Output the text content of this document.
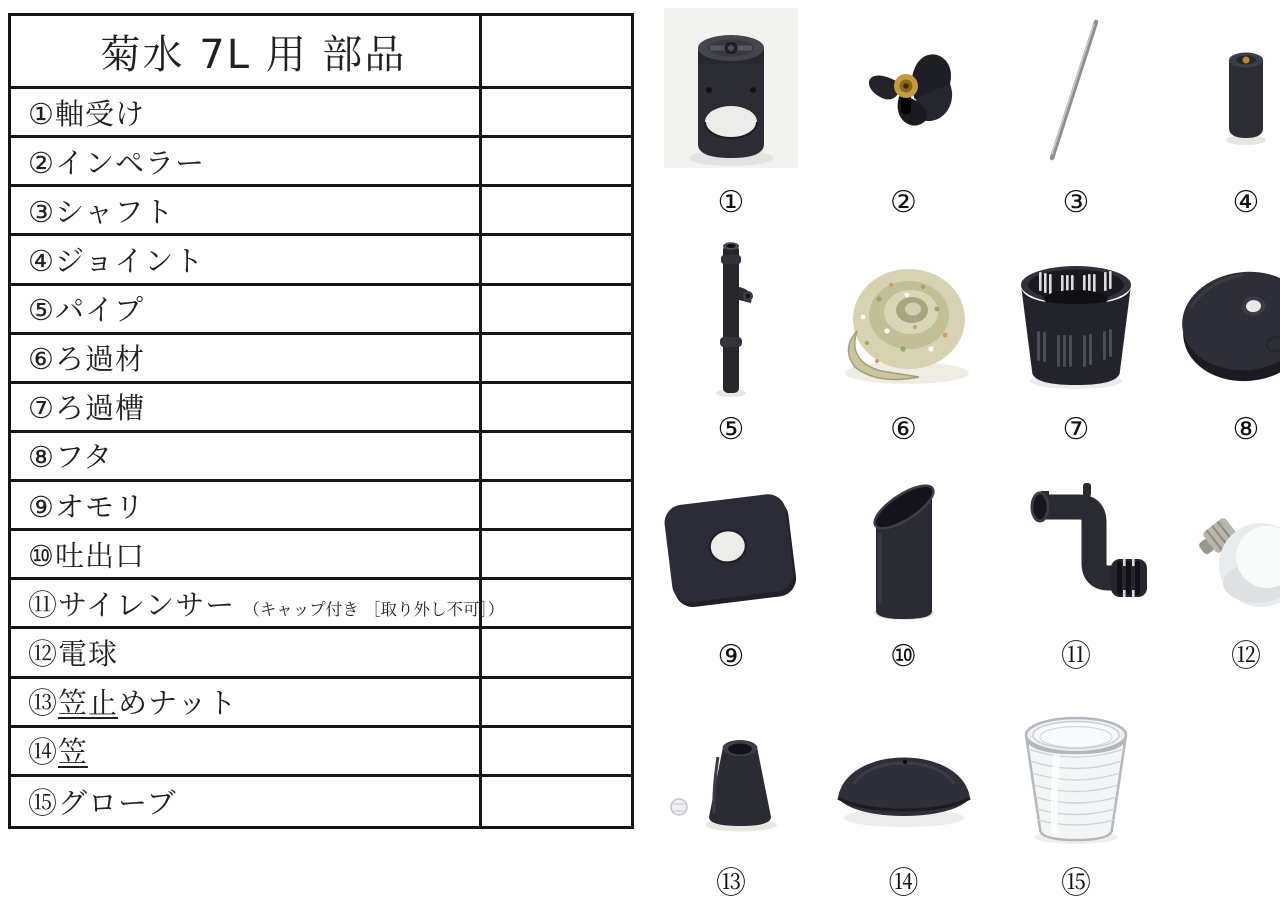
菊水 7L 用 部品
①軸受け
②インペラー
③シャフト
④ジョイント
⑤パイプ
⑥ろ過材
⑦ろ過槽
⑧フタ
⑨オモリ
⑩吐出口
⑪サイレンサー （キャップ付き ［取り外し不可］）
⑫電球
⑬笠止めナット
⑭笠
⑮グローブ
①	②	③	④
⑤	⑥	⑦	⑧
⑨	⑩	⑪	⑫
⑬	⑭	⑮
